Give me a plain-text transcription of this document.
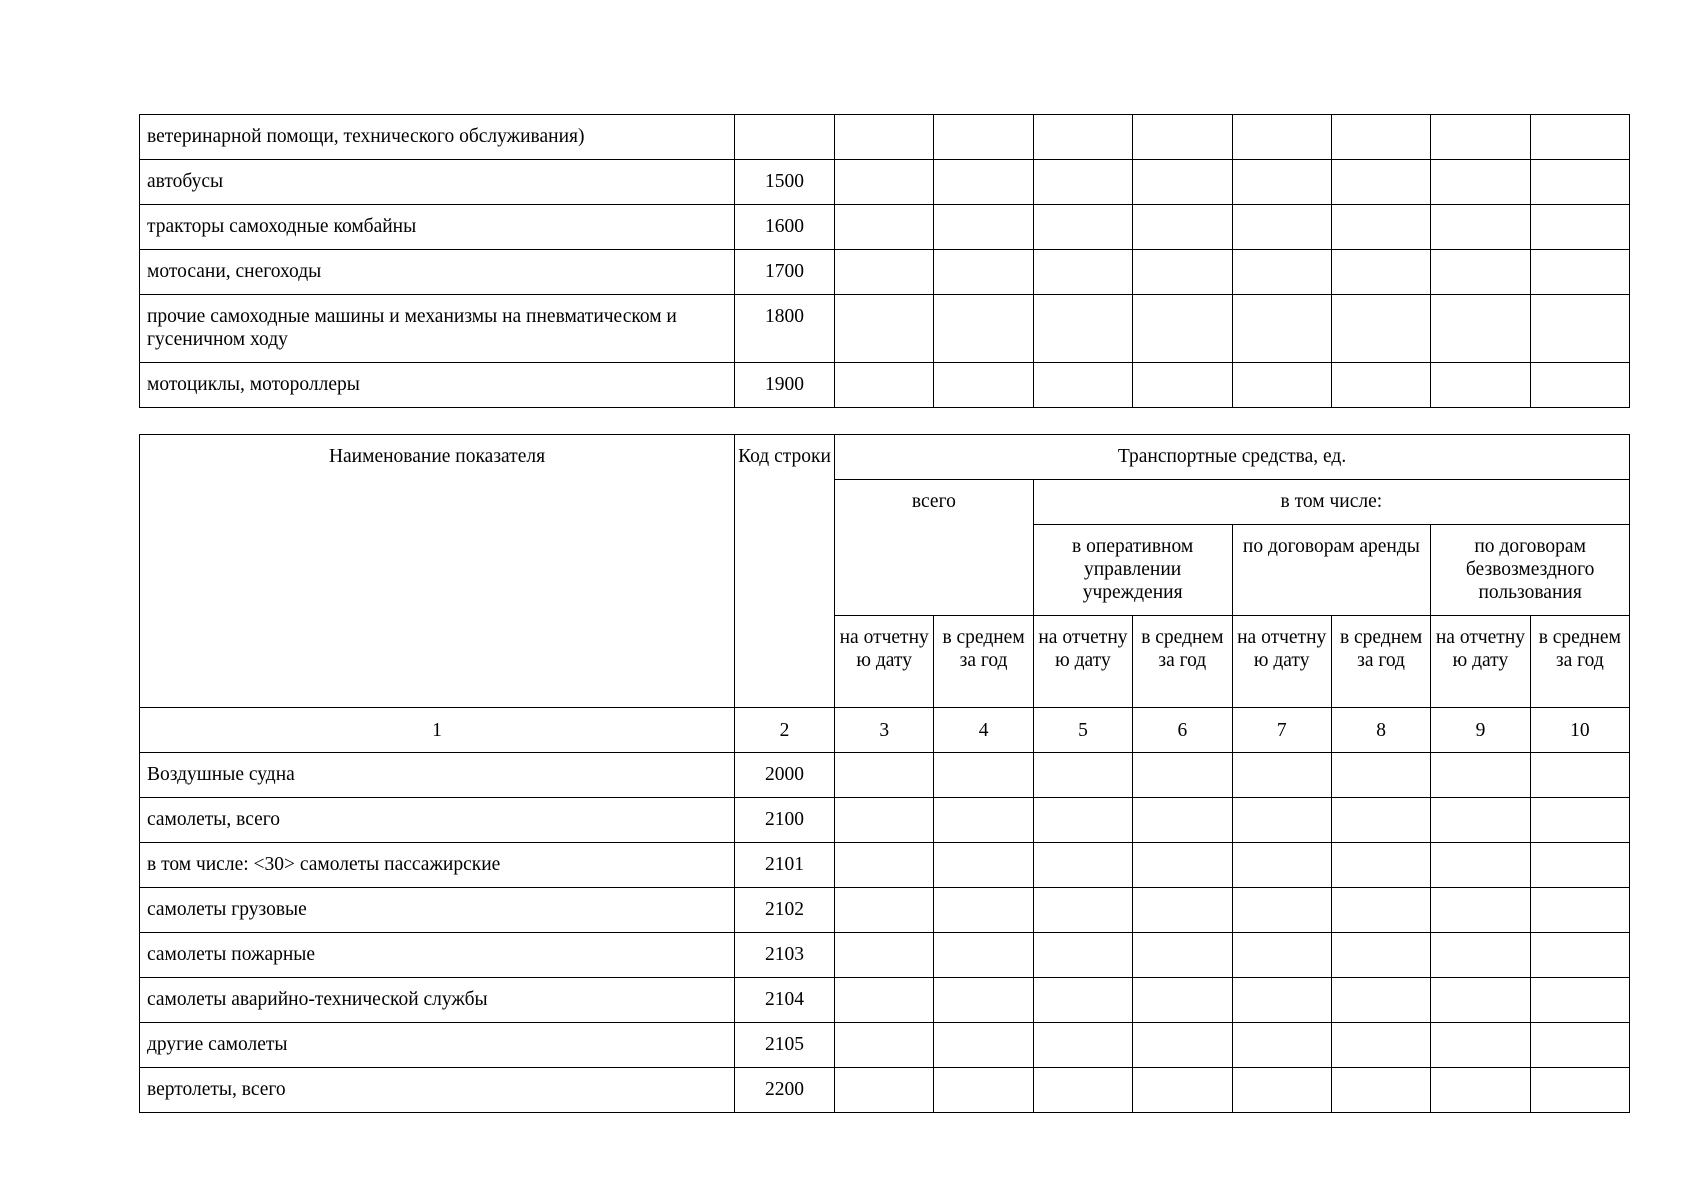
ветеринарной помощи, технического обслуживания)									
автобусы	1500								
тракторы самоходные комбайны	1600								
мотосани, снегоходы	1700								
прочие самоходные машины и механизмы на пневматическом и гусеничном ходу	1800								
мотоциклы, мотороллеры	1900								
Наименование показателя	Код строки	Транспортные средства, ед.							
		всего		в том числе:					
				в оперативном управлении учреждения		по договорам аренды		по договорам безвозмездного пользования	
		на отчетну ю дату	в среднем за год	на отчетну ю дату	в среднем за год	на отчетну ю дату	в среднем за год	на отчетну ю дату	в среднем за год
1	2	3	4	5	6	7	8	9	10
Воздушные судна	2000								
самолеты, всего	2100								
в том числе: <30> самолеты пассажирские	2101								
самолеты грузовые	2102								
самолеты пожарные	2103								
самолеты аварийно-технической службы	2104								
другие самолеты	2105								
вертолеты, всего	2200								
